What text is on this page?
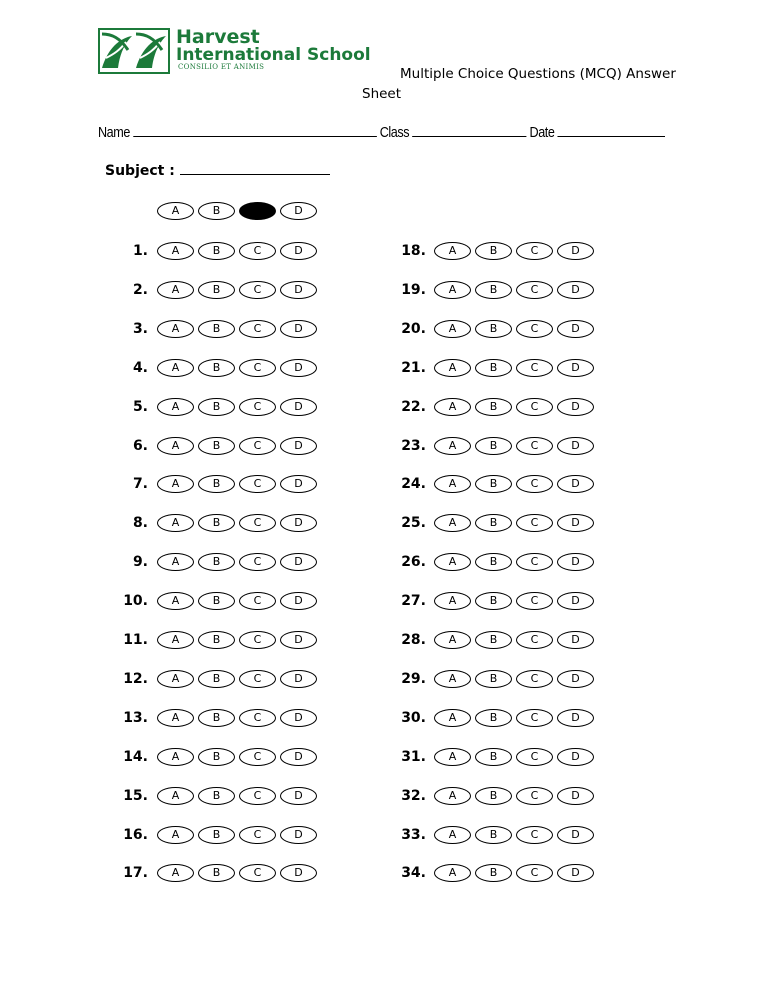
Harvest
International School
CONSILIO ET ANIMIS	Multiple Choice Questions (MCQ) Answer Sheet
Name	Class	Date
Subject :
A	B	C	D
1.	A	B	C	D
2.	A	B	C	D
3.	A	B	C	D
4.	A	B	C	D
5.	A	B	C	D
6.	A	B	C	D
7.	A	B	C	D
8.	A	B	C	D
9.	A	B	C	D
10.	A	B	C	D
11.	A	B	C	D
12.	A	B	C	D
13.	A	B	C	D
14.	A	B	C	D
15.	A	B	C	D
16.	A	B	C	D
17.	A	B	C	D
18.	A	B	C	D
19.	A	B	C	D
20.	A	B	C	D
21.	A	B	C	D
22.	A	B	C	D
23.	A	B	C	D
24.	A	B	C	D
25.	A	B	C	D
26.	A	B	C	D
27.	A	B	C	D
28.	A	B	C	D
29.	A	B	C	D
30.	A	B	C	D
31.	A	B	C	D
32.	A	B	C	D
33.	A	B	C	D
34.	A	B	C	D
